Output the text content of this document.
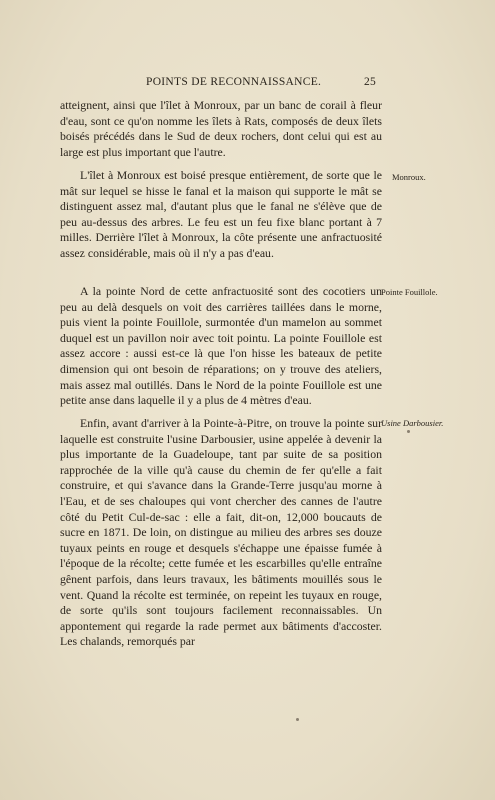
POINTS DE RECONNAISSANCE.	25

atteignent, ainsi que l'îlet à Monroux, par un banc de corail à fleur d'eau, sont ce qu'on nomme les îlets à Rats, composés de deux îlets boisés précédés dans le Sud de deux rochers, dont celui qui est au large est plus important que l'autre.

L'îlet à Monroux est boisé presque entièrement, de sorte que le mât sur lequel se hisse le fanal et la maison qui supporte le mât se distinguent assez mal, d'autant plus que le fanal ne s'élève que de peu au-dessus des arbres. Le feu est un feu fixe blanc portant à 7 milles. Derrière l'îlet à Monroux, la côte présente une anfractuosité assez considérable, mais où il n'y a pas d'eau.

Monroux.

A la pointe Nord de cette anfractuosité sont des cocotiers un peu au delà desquels on voit des carrières taillées dans le morne, puis vient la pointe Fouillole, surmontée d'un mamelon au sommet duquel est un pavillon noir avec toit pointu. La pointe Fouillole est assez accore : aussi est-ce là que l'on hisse les bateaux de petite dimension qui ont besoin de réparations; on y trouve des ateliers, mais assez mal outillés. Dans le Nord de la pointe Fouillole est une petite anse dans laquelle il y a plus de 4 mètres d'eau.

Pointe Fouillole.

Enfin, avant d'arriver à la Pointe-à-Pitre, on trouve la pointe sur laquelle est construite l'usine Darbousier, usine appelée à devenir la plus importante de la Guadeloupe, tant par suite de sa position rapprochée de la ville qu'à cause du chemin de fer qu'elle a fait construire, et qui s'avance dans la Grande-Terre jusqu'au morne à l'Eau, et de ses chaloupes qui vont chercher des cannes de l'autre côté du Petit Cul-de-sac : elle a fait, dit-on, 12,000 boucauts de sucre en 1871. De loin, on distingue au milieu des arbres ses douze tuyaux peints en rouge et desquels s'échappe une épaisse fumée à l'époque de la récolte; cette fumée et les escarbilles qu'elle entraîne gênent parfois, dans leurs travaux, les bâtiments mouillés sous le vent. Quand la récolte est terminée, on repeint les tuyaux en rouge, de sorte qu'ils sont toujours facilement reconnaissables. Un appontement qui regarde la rade permet aux bâtiments d'accoster. Les chalands, remorqués par

Usine Darbousier.
